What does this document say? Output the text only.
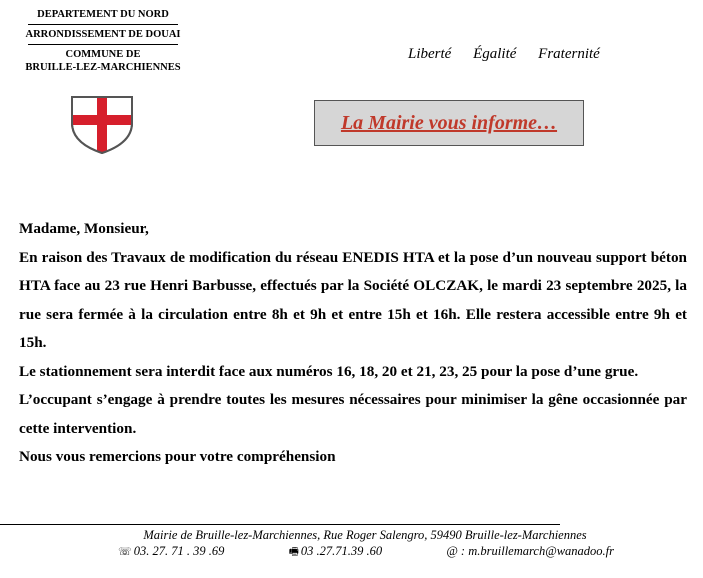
DEPARTEMENT DU NORD
ARRONDISSEMENT DE DOUAI
COMMUNE DE
BRUILLE-LEZ-MARCHIENNES
Liberté Égalité Fraternité
La Mairie vous informe…

Madame, Monsieur,

En raison des Travaux de modification du réseau ENEDIS HTA et la pose d’un nouveau support béton HTA face au 23 rue Henri Barbusse, effectués par la Société OLCZAK, le mardi 23 septembre 2025, la rue sera fermée à la circulation entre 8h et 9h et entre 15h et 16h. Elle restera accessible entre 9h et 15h.

Le stationnement sera interdit face aux numéros 16, 18, 20 et 21, 23, 25 pour la pose d’une grue.

L’occupant s’engage à prendre toutes les mesures nécessaires pour minimiser la gêne occasionnée par cette intervention.

Nous vous remercions pour votre compréhension

Mairie de Bruille-lez-Marchiennes, Rue Roger Salengro, 59490 Bruille-lez-Marchiennes
☏ 03. 27. 71 . 39 .69	🖷 03 .27.71.39 .60	@ : m.bruillemarch@wanadoo.fr
